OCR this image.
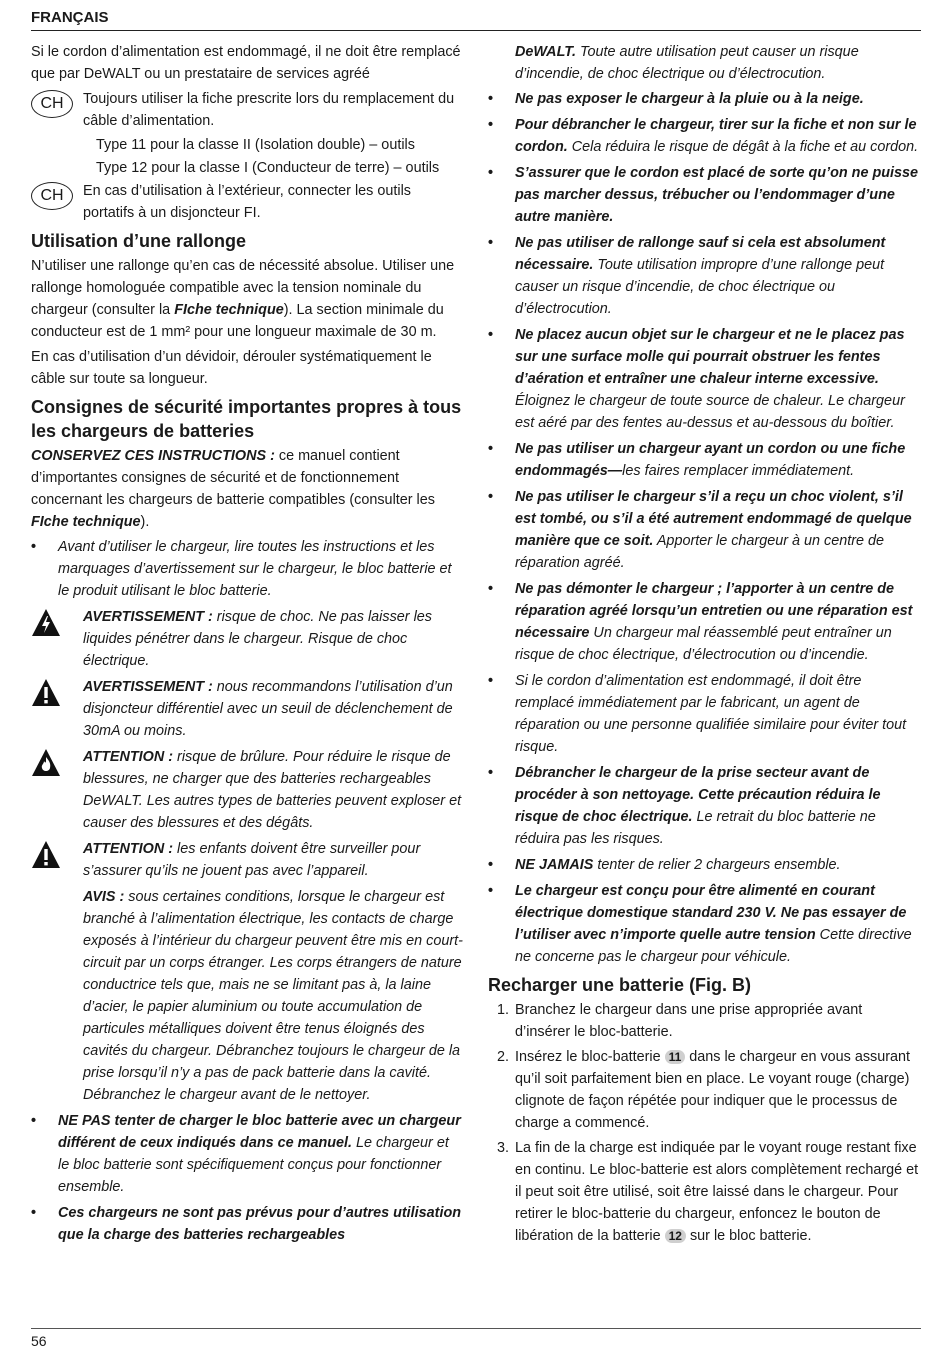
FRANÇAIS

Si le cordon d’alimentation est endommagé, il ne doit être remplacé que par DeWALT ou un prestataire de services agréé

CH	Toujours utiliser la fiche prescrite lors du remplacement du câble d’alimentation.

Type 11 pour la classe II (Isolation double) – outils

Type 12 pour la classe I (Conducteur de terre) – outils

CH	En cas d’utilisation à l’extérieur, connecter les outils portatifs à un disjoncteur FI.
Utilisation d’une rallonge

N’utiliser une rallonge qu’en cas de nécessité absolue. Utiliser une rallonge homologuée compatible avec la tension nominale du chargeur (consulter la FIche technique). La section minimale du conducteur est de 1 mm² pour une longueur maximale de 30 m.

En cas d’utilisation d’un dévidoir, dérouler systématiquement le câble sur toute sa longueur.

Consignes de sécurité importantes propres à tous les chargeurs de batteries

CONSERVEZ CES INSTRUCTIONS : ce manuel contient d’importantes consignes de sécurité et de fonctionnement concernant les chargeurs de batterie compatibles (consulter les FIche technique).

• Avant d’utiliser le chargeur, lire toutes les instructions et les marquages d’avertissement sur le chargeur, le bloc batterie et le produit utilisant le bloc batterie.
AVERTISSEMENT : risque de choc. Ne pas laisser les liquides pénétrer dans le chargeur. Risque de choc électrique.
AVERTISSEMENT : nous recommandons l’utilisation d’un disjoncteur différentiel avec un seuil de déclenchement de 30mA ou moins.
ATTENTION : risque de brûlure. Pour réduire le risque de blessures, ne charger que des batteries rechargeables DeWALT. Les autres types de batteries peuvent exploser et causer des blessures et des dégâts.
ATTENTION : les enfants doivent être surveiller pour s’assurer qu’ils ne jouent pas avec l’appareil.
AVIS : sous certaines conditions, lorsque le chargeur est branché à l’alimentation électrique, les contacts de charge exposés à l’intérieur du chargeur peuvent être mis en court-circuit par un corps étranger. Les corps étrangers de nature conductrice tels que, mais ne se limitant pas à, la laine d’acier, le papier aluminium ou toute accumulation de particules métalliques doivent être tenus éloignés des cavités du chargeur. Débranchez toujours le chargeur de la prise lorsqu’il n’y a pas de pack batterie dans la cavité. Débranchez le chargeur avant de le nettoyer.
• NE PAS tenter de charger le bloc batterie avec un chargeur différent de ceux indiqués dans ce manuel. Le chargeur et le bloc batterie sont spécifiquement conçus pour fonctionner ensemble.
• Ces chargeurs ne sont pas prévus pour d’autres utilisation que la charge des batteries rechargeables

DeWALT. Toute autre utilisation peut causer un risque d’incendie, de choc électrique ou d’électrocution.

• Ne pas exposer le chargeur à la pluie ou à la neige.
• Pour débrancher le chargeur, tirer sur la fiche et non sur le cordon. Cela réduira le risque de dégât à la fiche et au cordon.
• S’assurer que le cordon est placé de sorte qu’on ne puisse pas marcher dessus, trébucher ou l’endommager d’une autre manière.
• Ne pas utiliser de rallonge sauf si cela est absolument nécessaire. Toute utilisation impropre d’une rallonge peut causer un risque d’incendie, de choc électrique ou d’électrocution.
• Ne placez aucun objet sur le chargeur et ne le placez pas sur une surface molle qui pourrait obstruer les fentes d’aération et entraîner une chaleur interne excessive. Éloignez le chargeur de toute source de chaleur. Le chargeur est aéré par des fentes au-dessus et au-dessous du boîtier.
• Ne pas utiliser un chargeur ayant un cordon ou une fiche endommagés—les faires remplacer immédiatement.
• Ne pas utiliser le chargeur s’il a reçu un choc violent, s’il est tombé, ou s’il a été autrement endommagé de quelque manière que ce soit. Apporter le chargeur à un centre de réparation agréé.
• Ne pas démonter le chargeur ; l’apporter à un centre de réparation agréé lorsqu’un entretien ou une réparation est nécessaire Un chargeur mal réassemblé peut entraîner un risque de choc électrique, d’électrocution ou d’incendie.
• Si le cordon d’alimentation est endommagé, il doit être remplacé immédiatement par le fabricant, un agent de réparation ou une personne qualifiée similaire pour éviter tout risque.
• Débrancher le chargeur de la prise secteur avant de procéder à son nettoyage. Cette précaution réduira le risque de choc électrique. Le retrait du bloc batterie ne réduira pas les risques.
• NE JAMAIS tenter de relier 2 chargeurs ensemble.
• Le chargeur est conçu pour être alimenté en courant électrique domestique standard 230 V. Ne pas essayer de l’utiliser avec n’importe quelle autre tension Cette directive ne concerne pas le chargeur pour véhicule.
Recharger une batterie (Fig. B)
1. Branchez le chargeur dans une prise appropriée avant d’insérer le bloc-batterie.
2. Insérez le bloc-batterie 11 dans le chargeur en vous assurant qu’il soit parfaitement bien en place. Le voyant rouge (charge) clignote de façon répétée pour indiquer que le processus de charge a commencé.
3. La fin de la charge est indiquée par le voyant rouge restant fixe en continu. Le bloc-batterie est alors complètement rechargé et il peut soit être utilisé, soit être laissé dans le chargeur. Pour retirer le bloc-batterie du chargeur, enfoncez le bouton de libération de la batterie 12 sur le bloc batterie.
56
